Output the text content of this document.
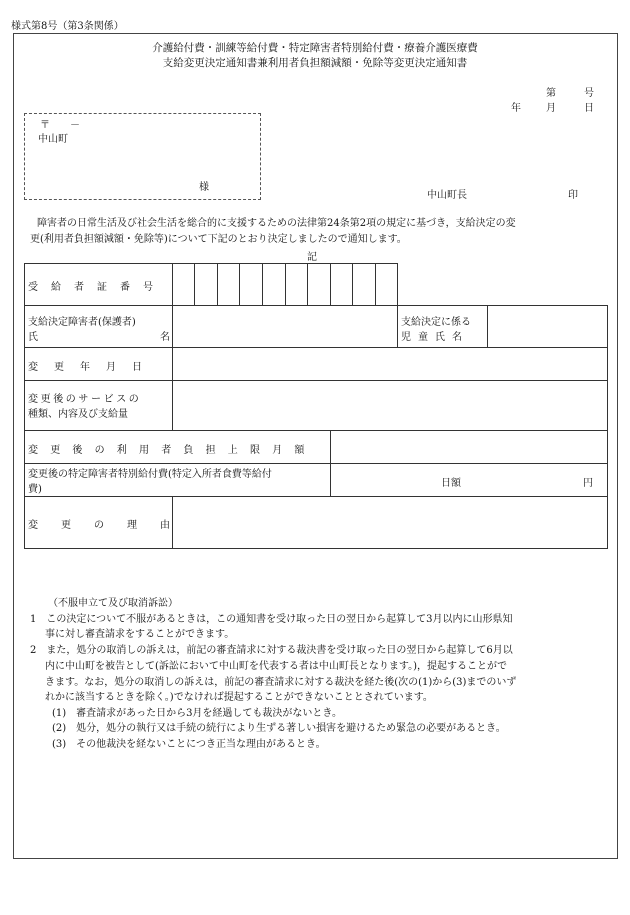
様式第8号（第3条関係）
介護給付費・訓練等給付費・特定障害者特別給付費・療養介護医療費
支給変更決定通知書兼利用者負担額減額・免除等変更決定通知書
第	号
年	月	日
〒　　－
中山町
様
中山町長	印
障害者の日常生活及び社会生活を総合的に支援するための法律第24条第2項の規定に基づき，支給決定の変
更(利用者負担額減額・免除等)について下記のとおり決定しましたので通知します。
記
受給者証番号
支給決定障害者(保護者)
氏	名
支給決定に係る
児童氏名
変更年月日
変更後のサービスの
種類、内容及び支給量
変更後の利用者負担上限月額
変更後の特定障害者特別給付費(特定入所者食費等給付
費)
日額	円
変更の理由
（不服申立て及び取消訴訟）
1　この決定について不服があるときは，この通知書を受け取った日の翌日から起算して3月以内に山形県知
事に対し審査請求をすることができます。
2　また，処分の取消しの訴えは，前記の審査請求に対する裁決書を受け取った日の翌日から起算して6月以
内に中山町を被告として(訴訟において中山町を代表する者は中山町長となります。)，提起することがで
きます。なお，処分の取消しの訴えは，前記の審査請求に対する裁決を経た後(次の(1)から(3)までのいず
れかに該当するときを除く。)でなければ提起することができないこととされています。
(1)　審査請求があった日から3月を経過しても裁決がないとき。
(2)　処分，処分の執行又は手続の続行により生ずる著しい損害を避けるため緊急の必要があるとき。
(3)　その他裁決を経ないことにつき正当な理由があるとき。
